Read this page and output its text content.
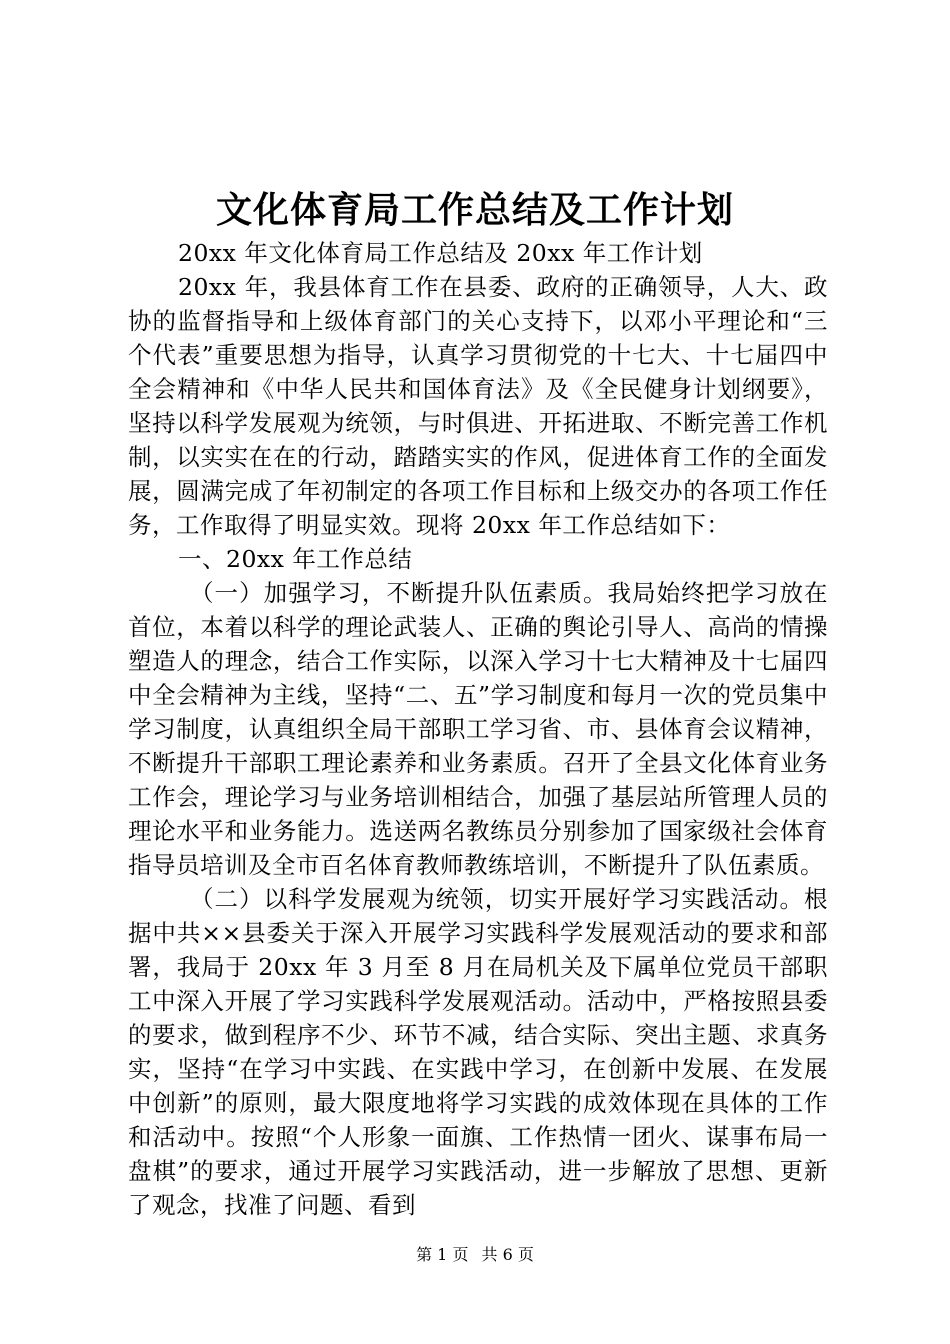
文化体育局工作总结及工作计划

20xx 年文化体育局工作总结及 20xx 年工作计划

20xx 年，我县体育工作在县委、政府的正确领导，人大、政协的监督指导和上级体育部门的关心支持下，以邓小平理论和“三个代表”重要思想为指导，认真学习贯彻党的十七大、十七届四中全会精神和《中华人民共和国体育法》及《全民健身计划纲要》，坚持以科学发展观为统领，与时俱进、开拓进取、不断完善工作机制，以实实在在的行动，踏踏实实的作风，促进体育工作的全面发展，圆满完成了年初制定的各项工作目标和上级交办的各项工作任务，工作取得了明显实效。现将 20xx 年工作总结如下：

一、20xx 年工作总结

（一）加强学习，不断提升队伍素质。我局始终把学习放在首位，本着以科学的理论武装人、正确的舆论引导人、高尚的情操塑造人的理念，结合工作实际，以深入学习十七大精神及十七届四中全会精神为主线，坚持“二、五”学习制度和每月一次的党员集中学习制度，认真组织全局干部职工学习省、市、县体育会议精神，不断提升干部职工理论素养和业务素质。召开了全县文化体育业务工作会，理论学习与业务培训相结合，加强了基层站所管理人员的理论水平和业务能力。选送两名教练员分别参加了国家级社会体育指导员培训及全市百名体育教师教练培训，不断提升了队伍素质。

（二）以科学发展观为统领，切实开展好学习实践活动。根据中共××县委关于深入开展学习实践科学发展观活动的要求和部署，我局于 20xx 年 3 月至 8 月在局机关及下属单位党员干部职工中深入开展了学习实践科学发展观活动。活动中，严格按照县委的要求，做到程序不少、环节不减，结合实际、突出主题、求真务实，坚持“在学习中实践、在实践中学习，在创新中发展、在发展中创新”的原则，最大限度地将学习实践的成效体现在具体的工作和活动中。按照“个人形象一面旗、工作热情一团火、谋事布局一盘棋”的要求，通过开展学习实践活动，进一步解放了思想、更新了观念，找准了问题、看到

第 1 页 共 6 页
